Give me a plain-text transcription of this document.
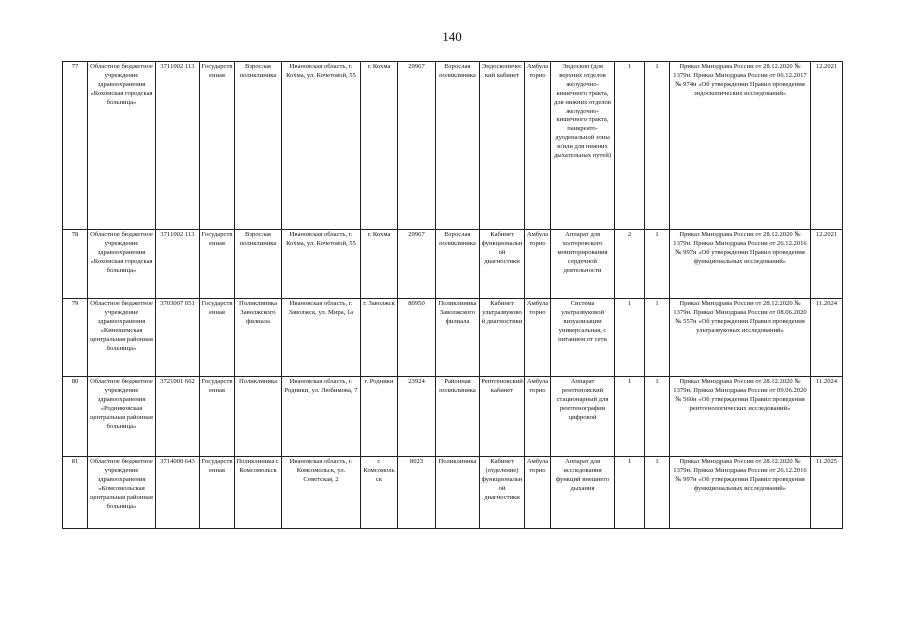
140
77	Областное бюджетное учреждение здравоохранения «Кохомская городская больница»	3711002 113	Государственная	Взрослая поликлиника	Ивановская область, г. Кохма, ул. Кочетовой, 55	г. Кохма	29967	Взрослая поликлиника	Эндоскопический кабинет	Амбулаторно	Эндоскоп (для верхних отделов желудочно-кишечного тракта, для нижних отделов желудочно-кишечного тракта, панкреато-дуоденальной зоны и/или для нижних дыхательных путей)	1	1	Приказ Минздрава России от 28.12.2020 № 1379н. Приказ Минздрава России от 06.12.2017 № 974н «Об утверждении Правил проведения эндоскопических исследований»	12.2021
78	Областное бюджетное учреждение здравоохранения «Кохомская городская больница»	3711002 113	Государственная	Взрослая поликлиника	Ивановская область, г. Кохма, ул. Кочетовой, 55	г. Кохма	29967	Взрослая поликлиника	Кабинет функциональной диагностики	Амбулаторно	Аппарат для холтеровского мониторирования сердечной деятельности	2	1	Приказ Минздрава России от 28.12.2020 № 1379н. Приказ Минздрава России от 26.12.2016 № 997н «Об утверждении Правил проведения функциональных исследований»	12.2021
79	Областное бюджетное учреждение здравоохранения «Кинешемская центральная районная больница»	3703007 051	Государственная	Поликлиника Заволжского филиала	Ивановская область, г. Заволжск, ул. Мира, 1а	г. Заволжск	80950	Поликлиника Заволжского филиала	Кабинет ультразвуковой диагностики	Амбулаторно	Система ультразвуковой визуализации универсальная, с питанием от сети	1	1	Приказ Минздрава России от 28.12.2020 № 1379н. Приказ Минздрава России от 08.06.2020 № 557н «Об утверждении Правил проведения ультразвуковых исследований»	11.2024
80	Областное бюджетное учреждение здравоохранения «Родниковская центральная районная больница»	3721001 662	Государственная	Поликлиника	Ивановская область, г. Родники, ул. Любимова, 7	г. Родники	23924	Районная поликлиника	Рентгеновский кабинет	Амбулаторно	Аппарат рентгеновский стационарный для рентгенографии цифровой	1	1	Приказ Минздрава России от 28.12.2020 № 1379н. Приказ Минздрава России от 09.06.2020 № 560н «Об утверждении Правил проведения рентгенологических исследований»	11.2024
81	Областное бюджетное учреждение здравоохранения «Комсомольская центральная районная больница»	3714000 643	Государственная	Поликлиника г. Комсомольск	Ивановская область, г. Комсомольск, ул. Советская, 2	г. Комсомольск	8023	Поликлиника	Кабинет (отделение) функциональной диагностики	Амбулаторно	Аппарат для исследования функций внешнего дыхания	1	1	Приказ Минздрава России от 28.12.2020 № 1379н. Приказ Минздрава России от 26.12.2016 № 997н «Об утверждении Правил проведения функциональных исследований»	11.2025
